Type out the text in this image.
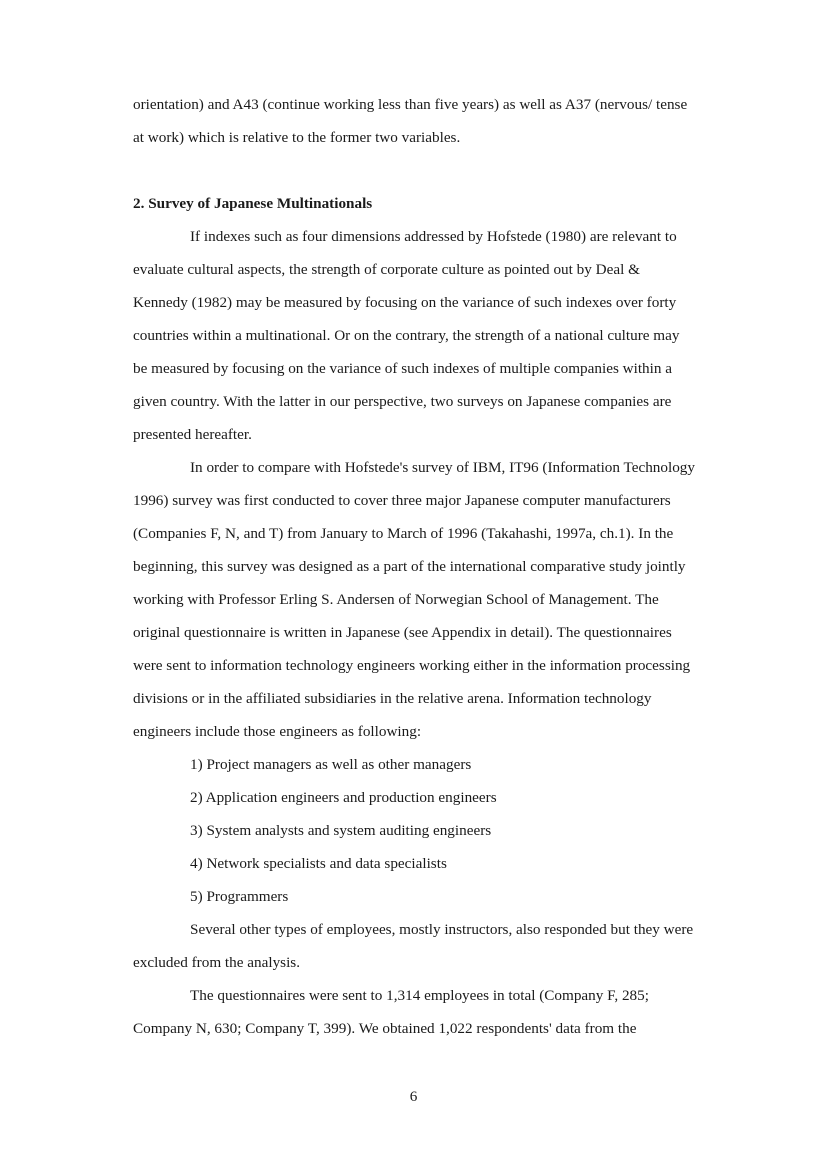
orientation) and A43 (continue working less than five years) as well as A37 (nervous/ tense
at work) which is relative to the former two variables.
2. Survey of Japanese Multinationals
If indexes such as four dimensions addressed by Hofstede (1980) are relevant to
evaluate cultural aspects, the strength of corporate culture as pointed out by Deal &
Kennedy (1982) may be measured by focusing on the variance of such indexes over forty
countries within a multinational. Or on the contrary, the strength of a national culture may
be measured by focusing on the variance of such indexes of multiple companies within a
given country. With the latter in our perspective, two surveys on Japanese companies are
presented hereafter.
In order to compare with Hofstede's survey of IBM, IT96 (Information Technology
1996) survey was first conducted to cover three major Japanese computer manufacturers
(Companies F, N, and T) from January to March of 1996 (Takahashi, 1997a, ch.1). In the
beginning, this survey was designed as a part of the international comparative study jointly
working with Professor Erling S. Andersen of Norwegian School of Management. The
original questionnaire is written in Japanese (see Appendix in detail). The questionnaires
were sent to information technology engineers working either in the information processing
divisions or in the affiliated subsidiaries in the relative arena. Information technology
engineers include those engineers as following:
1) Project managers as well as other managers
2) Application engineers and production engineers
3) System analysts and system auditing engineers
4) Network specialists and data specialists
5) Programmers
Several other types of employees, mostly instructors, also responded but they were
excluded from the analysis.
The questionnaires were sent to 1,314 employees in total (Company F, 285;
Company N, 630; Company T, 399). We obtained 1,022 respondents' data from the
6
